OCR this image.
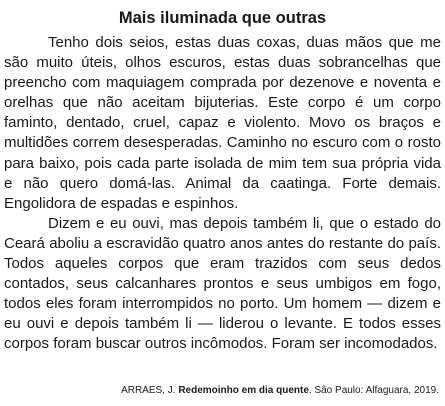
Mais iluminada que outras

Tenho dois seios, estas duas coxas, duas mãos que me são muito úteis, olhos escuros, estas duas sobrancelhas que preencho com maquiagem comprada por dezenove e noventa e orelhas que não aceitam bijuterias. Este corpo é um corpo faminto, dentado, cruel, capaz e violento. Movo os braços e multidões correm desesperadas. Caminho no escuro com o rosto para baixo, pois cada parte isolada de mim tem sua própria vida e não quero domá-las. Animal da caatinga. Forte demais. Engolidora de espadas e espinhos.

Dizem e eu ouvi, mas depois também li, que o estado do Ceará aboliu a escravidão quatro anos antes do restante do país. Todos aqueles corpos que eram trazidos com seus dedos contados, seus calcanhares prontos e seus umbigos em fogo, todos eles foram interrompidos no porto. Um homem — dizem e eu ouvi e depois também li — liderou o levante. E todos esses corpos foram buscar outros incômodos. Foram ser incomodados.

ARRAES, J. Redemoinho em dia quente. São Paulo: Alfaguara, 2019.
